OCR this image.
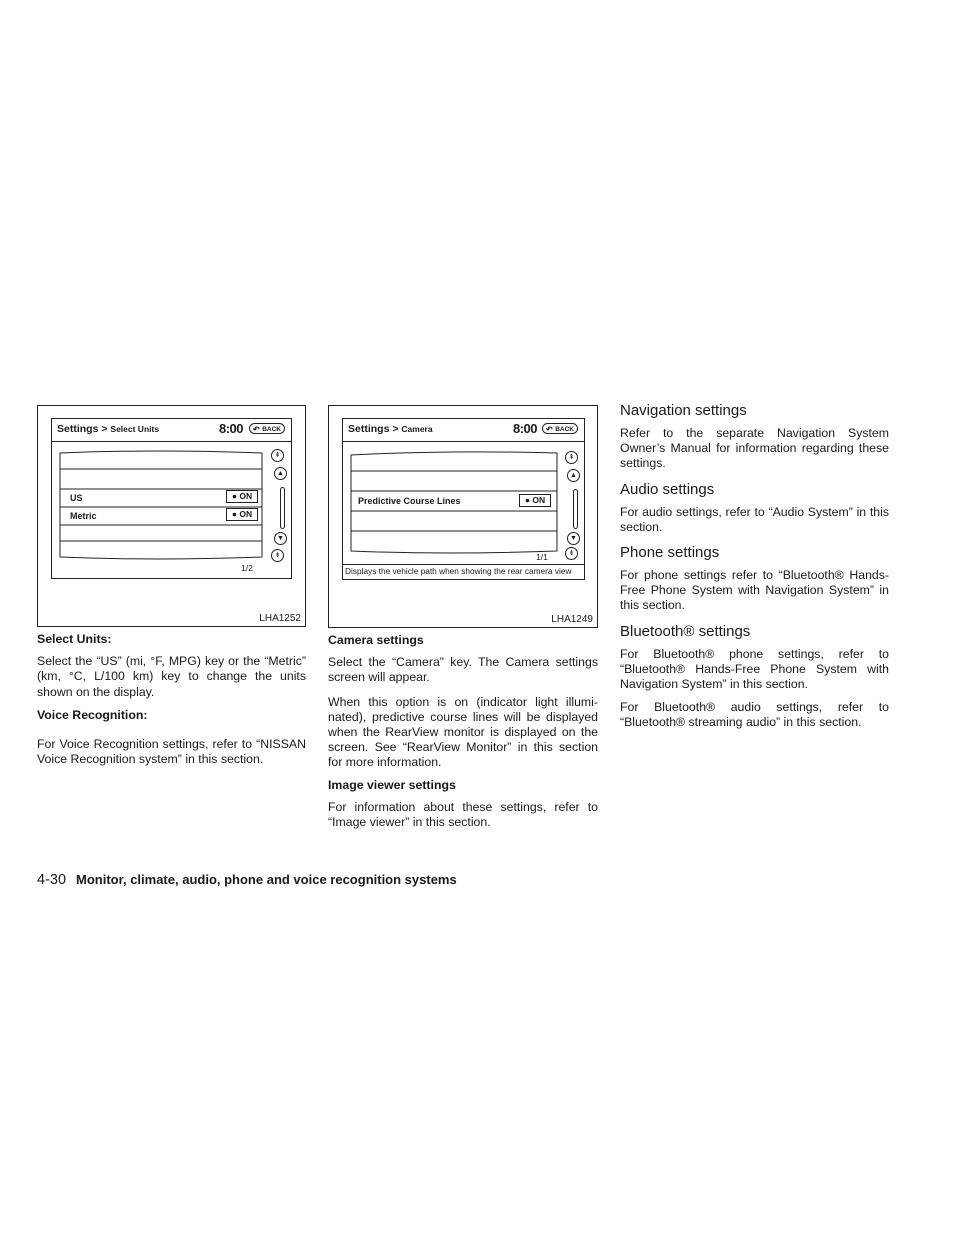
Settings > Select Units	8:00 ↶ BACK
US	● ON
Metric	● ON
⇞
▲
▼
⇟
1/2
LHA1252
Settings > Camera	8:00 ↶ BACK
Predictive Course Lines	● ON
⇞
▲
▼
⇟
1/1
Displays the vehicle path when showing the rear camera view
LHA1249
Select Units:

Select the “US” (mi, °F, MPG) key or the “Metric” (km, °C, L/100 km) key to change the units shown on the display.

Voice Recognition:

For Voice Recognition settings, refer to “NISSAN Voice Recognition system” in this section.

Camera settings

Select the “Camera” key. The Camera settings screen will appear.

When this option is on (indicator light illumi-nated), predictive course lines will be displayed when the RearView monitor is displayed on the screen. See “RearView Monitor” in this section for more information.

Image viewer settings

For information about these settings, refer to “Image viewer” in this section.

Navigation settings

Refer to the separate Navigation System Owner’s Manual for information regarding these settings.

Audio settings

For audio settings, refer to “Audio System” in this section.

Phone settings

For phone settings refer to “Bluetooth® Hands-Free Phone System with Navigation System” in this section.

Bluetooth® settings

For Bluetooth® phone settings, refer to “Bluetooth® Hands-Free Phone System with Navigation System” in this section.

For Bluetooth® audio settings, refer to “Bluetooth® streaming audio” in this section.

4-30 Monitor, climate, audio, phone and voice recognition systems
